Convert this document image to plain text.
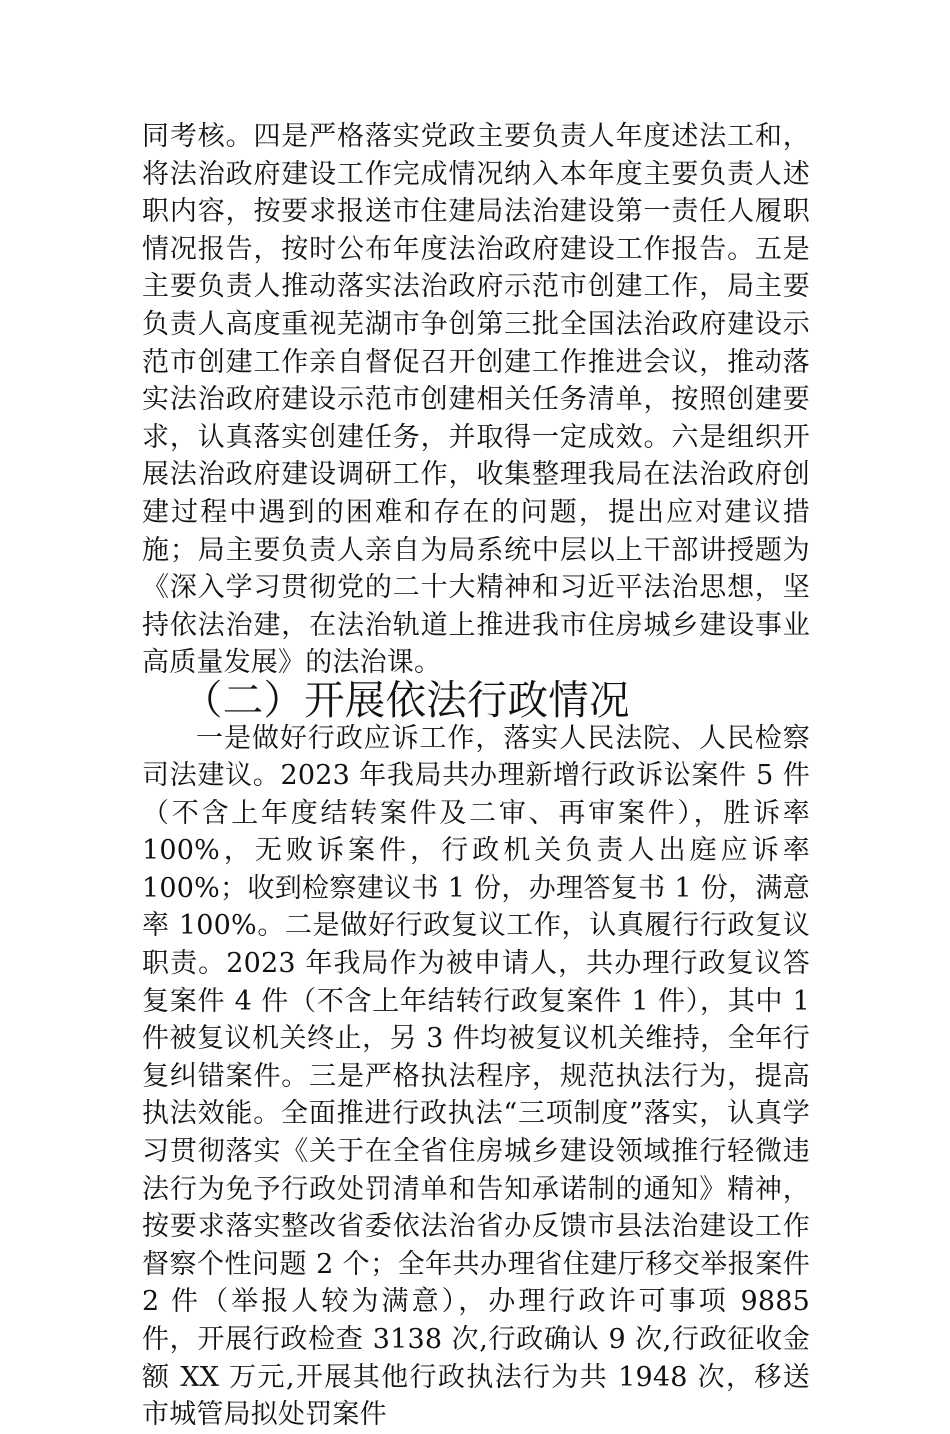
同考核。四是严格落实党政主要负责人年度述法工和，将法治政府建设工作完成情况纳入本年度主要负责人述职内容，按要求报送市住建局法治建设第一责任人履职情况报告，按时公布年度法治政府建设工作报告。五是主要负责人推动落实法治政府示范市创建工作，局主要负责人高度重视芜湖市争创第三批全国法治政府建设示范市创建工作亲自督促召开创建工作推进会议，推动落实法治政府建设示范市创建相关任务清单，按照创建要求，认真落实创建任务，并取得一定成效。六是组织开展法治政府建设调研工作，收集整理我局在法治政府创建过程中遇到的困难和存在的问题，提出应对建议措施；局主要负责人亲自为局系统中层以上干部讲授题为《深入学习贯彻党的二十大精神和习近平法治思想，坚持依法治建，在法治轨道上推进我市住房城乡建设事业高质量发展》的法治课。

（二）开展依法行政情况

一是做好行政应诉工作，落实人民法院、人民检察司法建议。2023 年我局共办理新增行政诉讼案件 5 件（不含上年度结转案件及二审、再审案件），胜诉率 100%，无败诉案件，行政机关负责人出庭应诉率 100%；收到检察建议书 1 份，办理答复书 1 份，满意率 100%。二是做好行政复议工作，认真履行行政复议职责。2023 年我局作为被申请人，共办理行政复议答复案件 4 件（不含上年结转行政复案件 1 件），其中 1 件被复议机关终止，另 3 件均被复议机关维持，全年行复纠错案件。三是严格执法程序，规范执法行为，提高执法效能。全面推进行政执法“三项制度”落实，认真学习贯彻落实《关于在全省住房城乡建设领域推行轻微违法行为免予行政处罚清单和告知承诺制的通知》精神，按要求落实整改省委依法治省办反馈市县法治建设工作督察个性问题 2 个；全年共办理省住建厅移交举报案件 2 件（举报人较为满意），办理行政许可事项 9885 件，开展行政检查 3138 次,行政确认 9 次,行政征收金额 XX 万元,开展其他行政执法行为共 1948 次，移送市城管局拟处罚案件
